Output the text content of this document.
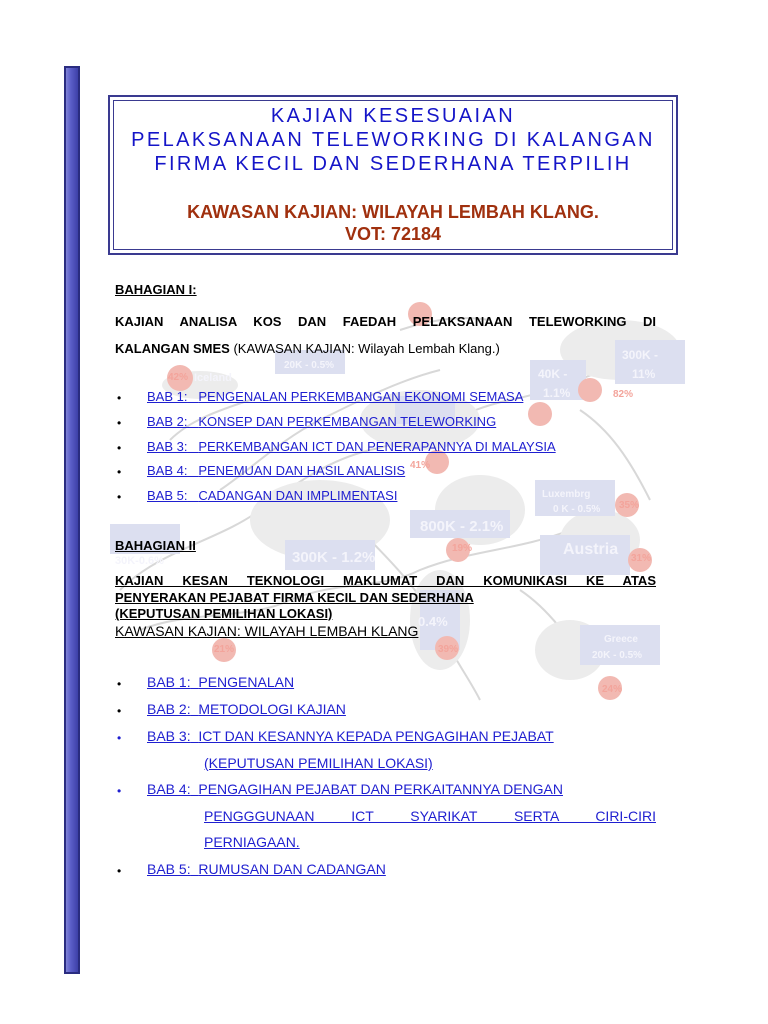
42% Iceland
20K - 0.5%
40K -
1.1%
300K -
11%
82%
Luxembrg
0 K - 0.5% 35%
800K - 2.1%
19%	Austria
300K - 1.2%	31%
30K-0.6%
Greece
20K - 0.5%
24%
21%	39%
0.4%
41%
KAJIAN KESESUAIAN
PELAKSANAAN TELEWORKING DI KALANGAN
FIRMA KECIL DAN SEDERHANA TERPILIH
KAWASAN KAJIAN: WILAYAH LEMBAH KLANG.
VOT: 72184
BAHAGIAN I:
KAJIAN ANALISA KOS DAN FAEDAH PELAKSANAAN TELEWORKING DI
KALANGAN SMES (KAWASAN KAJIAN: Wilayah Lembah Klang.)
• BAB 1: PENGENALAN PERKEMBANGAN EKONOMI SEMASA
• BAB 2: KONSEP DAN PERKEMBANGAN TELEWORKING
• BAB 3: PERKEMBANGAN ICT DAN PENERAPANNYA DI MALAYSIA
• BAB 4: PENEMUAN DAN HASIL ANALISIS
• BAB 5: CADANGAN DAN IMPLIMENTASI
BAHAGIAN II
KAJIAN KESAN TEKNOLOGI MAKLUMAT DAN KOMUNIKASI KE ATAS
PENYERAKAN PEJABAT FIRMA KECIL DAN SEDERHANA
(KEPUTUSAN PEMILIHAN LOKASI)
KAWASAN KAJIAN: WILAYAH LEMBAH KLANG
• BAB 1: PENGENALAN
• BAB 2: METODOLOGI KAJIAN
• BAB 3: ICT DAN KESANNYA KEPADA PENGAGIHAN PEJABAT
(KEPUTUSAN PEMILIHAN LOKASI)
• BAB 4: PENGAGIHAN PEJABAT DAN PERKAITANNYA DENGAN
PENGGGUNAAN ICT SYARIKAT SERTA CIRI-CIRI
PERNIAGAAN.
• BAB 5: RUMUSAN DAN CADANGAN
